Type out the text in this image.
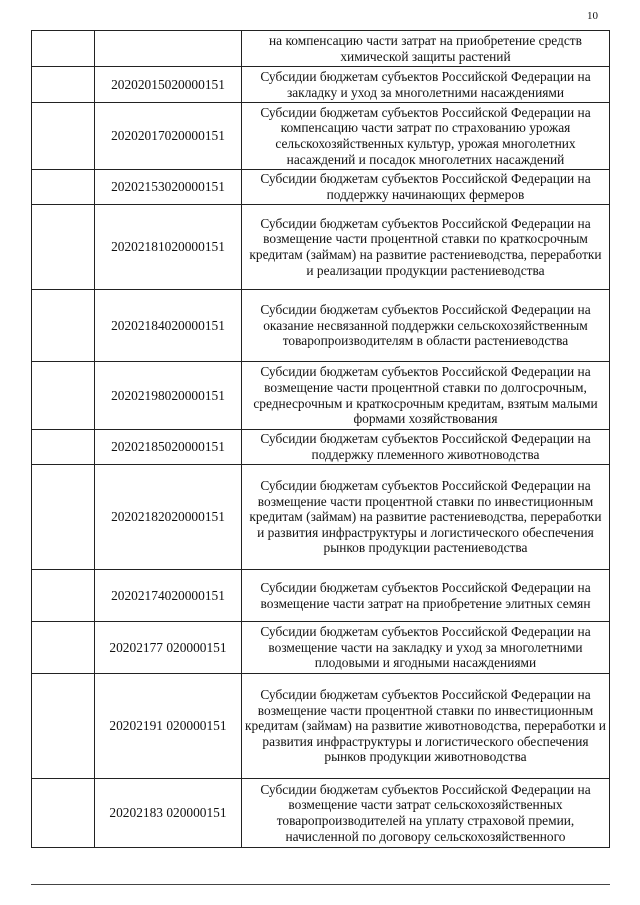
10
		на компенсацию части затрат на приобретение средств химической защиты растений
	20202015020000151	Субсидии бюджетам субъектов Российской Федерации на закладку и уход за многолетними насаждениями
	20202017020000151	Субсидии бюджетам субъектов Российской Федерации на компенсацию части затрат по страхованию урожая сельскохозяйственных культур, урожая многолетних насаждений и посадок многолетних насаждений
	20202153020000151	Субсидии бюджетам субъектов Российской Федерации на поддержку начинающих фермеров
	20202181020000151	Субсидии бюджетам субъектов Российской Федерации на возмещение части процентной ставки по краткосрочным кредитам (займам) на развитие растениеводства, переработки и реализации продукции растениеводства
	20202184020000151	Субсидии бюджетам субъектов Российской Федерации на оказание несвязанной поддержки сельскохозяйственным товаропроизводителям в области растениеводства
	20202198020000151	Субсидии бюджетам субъектов Российской Федерации на возмещение части процентной ставки по долгосрочным, среднесрочным и краткосрочным кредитам, взятым малыми формами хозяйствования
	20202185020000151	Субсидии бюджетам субъектов Российской Федерации на поддержку племенного животноводства
	20202182020000151	Субсидии бюджетам субъектов Российской Федерации на возмещение части процентной ставки по инвестиционным кредитам (займам) на развитие растениеводства, переработки и развития инфраструктуры и логистического обеспечения рынков продукции растениеводства
	20202174020000151	Субсидии бюджетам субъектов Российской Федерации на возмещение части затрат на приобретение элитных семян
	20202177 020000151	Субсидии бюджетам субъектов Российской Федерации на возмещение части на закладку и уход за многолетними плодовыми и ягодными насаждениями
	20202191 020000151	Субсидии бюджетам субъектов Российской Федерации на возмещение части процентной ставки по инвестиционным кредитам (займам) на развитие животноводства, переработки и развития инфраструктуры и логистического обеспечения рынков продукции животноводства
	20202183 020000151	Субсидии бюджетам субъектов Российской Федерации на возмещение части затрат сельскохозяйственных товаропроизводителей на уплату страховой премии, начисленной по договору сельскохозяйственного
